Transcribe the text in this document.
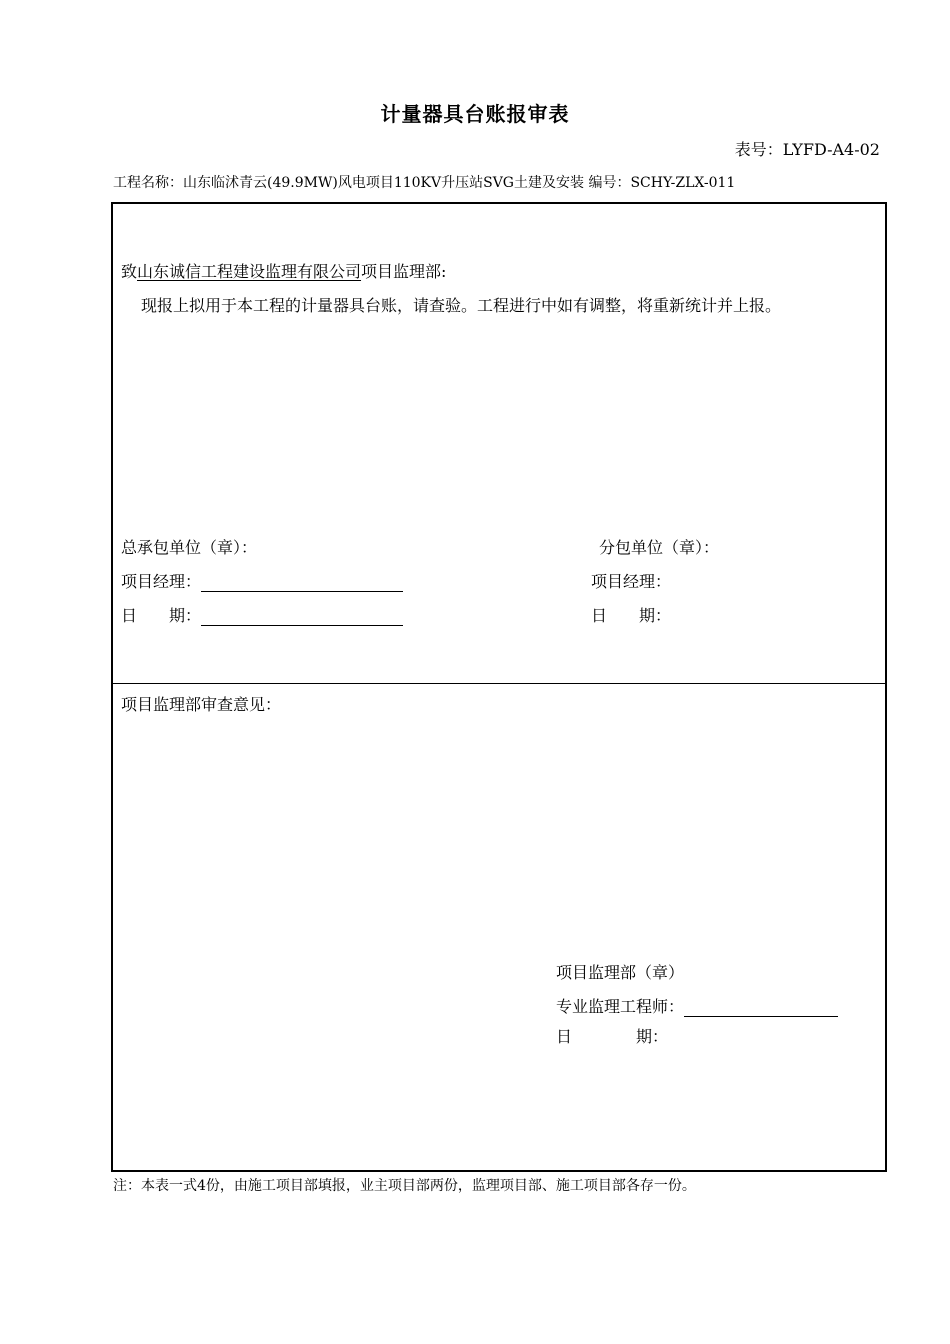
计量器具台账报审表
表号：LYFD-A4-02
工程名称：山东临沭青云(49.9MW)风电项目110KV升压站SVG土建及安装 编号：SCHY-ZLX-011
致山东诚信工程建设监理有限公司项目监理部:
现报上拟用于本工程的计量器具台账，请查验。工程进行中如有调整，将重新统计并上报。
总承包单位（章）：	分包单位（章）：
项目经理：	项目经理：
日　　期：	日　　期：
项目监理部审查意见：
项目监理部（章）
专业监理工程师：
日　　　　期：
注：本表一式4份，由施工项目部填报，业主项目部两份，监理项目部、施工项目部各存一份。
